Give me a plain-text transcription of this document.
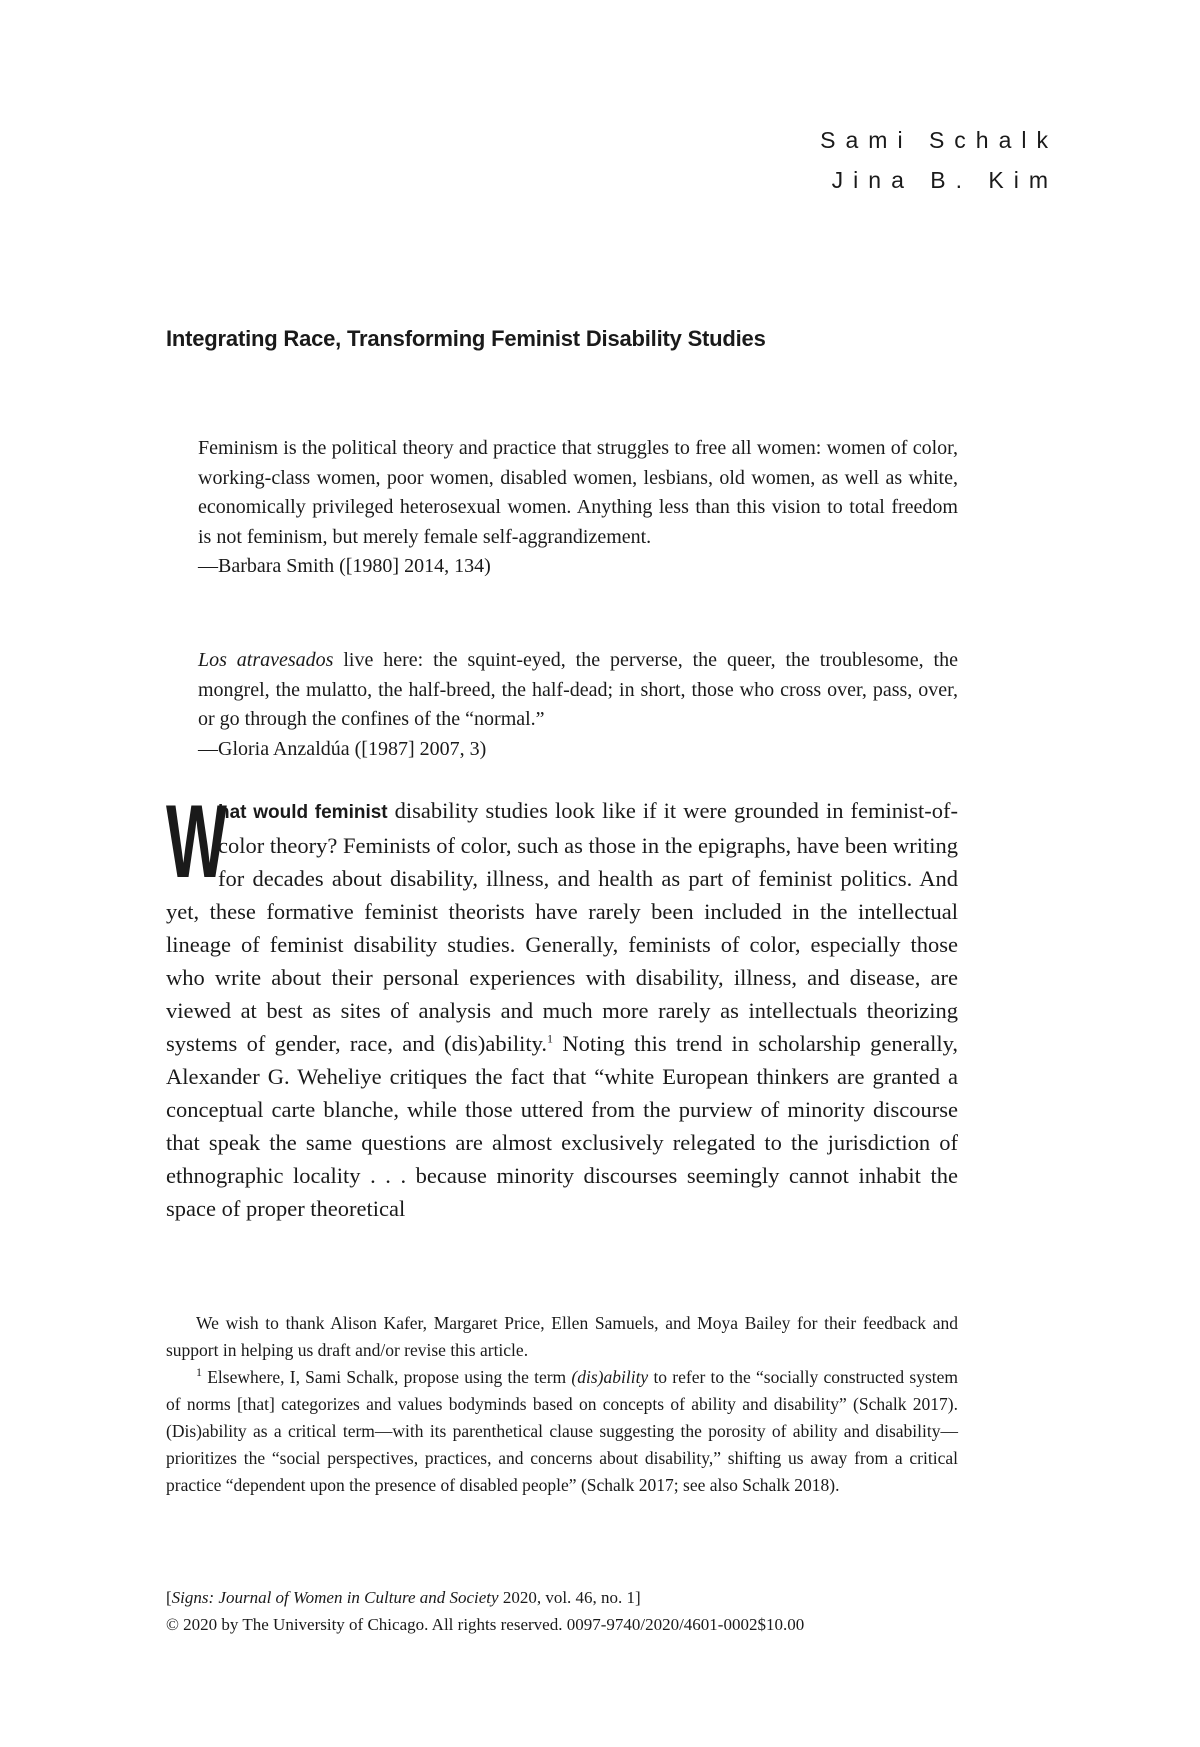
Sami Schalk
Jina B. Kim
Integrating Race, Transforming Feminist Disability Studies

Feminism is the political theory and practice that struggles to free all women: women of color, working-class women, poor women, disabled women, lesbians, old women, as well as white, economically privileged heterosexual women. Anything less than this vision to total freedom is not feminism, but merely female self-aggrandizement.

—Barbara Smith ([1980] 2014, 134)

Los atravesados live here: the squint-eyed, the perverse, the queer, the troublesome, the mongrel, the mulatto, the half-breed, the half-dead; in short, those who cross over, pass, over, or go through the confines of the “normal.”

—Gloria Anzaldúa ([1987] 2007, 3)

W
hat would feminist disability studies look like if it were grounded in feminist-of-color theory? Feminists of color, such as those in the epigraphs, have been writing for decades about disability, illness, and health as part of feminist politics. And yet, these formative feminist theorists have rarely been included in the intellectual lineage of feminist disability studies. Generally, feminists of color, especially those who write about their personal experiences with disability, illness, and disease, are viewed at best as sites of analysis and much more rarely as intellectuals theorizing systems of gender, race, and (dis)ability.$^1$ Noting this trend in scholarship generally, Alexander G. Weheliye critiques the fact that “white European thinkers are granted a conceptual carte blanche, while those uttered from the purview of minority discourse that speak the same questions are almost exclusively relegated to the jurisdiction of ethnographic locality . . . because minority discourses seemingly cannot inhabit the space of proper theoretical

We wish to thank Alison Kafer, Margaret Price, Ellen Samuels, and Moya Bailey for their feedback and support in helping us draft and/or revise this article.

$^1$ Elsewhere, I, Sami Schalk, propose using the term (dis)ability to refer to the “socially constructed system of norms [that] categorizes and values bodyminds based on concepts of ability and disability” (Schalk 2017). (Dis)ability as a critical term—with its parenthetical clause suggesting the porosity of ability and disability—prioritizes the “social perspectives, practices, and concerns about disability,” shifting us away from a critical practice “dependent upon the presence of disabled people” (Schalk 2017; see also Schalk 2018).

[Signs: Journal of Women in Culture and Society 2020, vol. 46, no. 1]
© 2020 by The University of Chicago. All rights reserved. 0097-9740/2020/4601-0002$10.00
